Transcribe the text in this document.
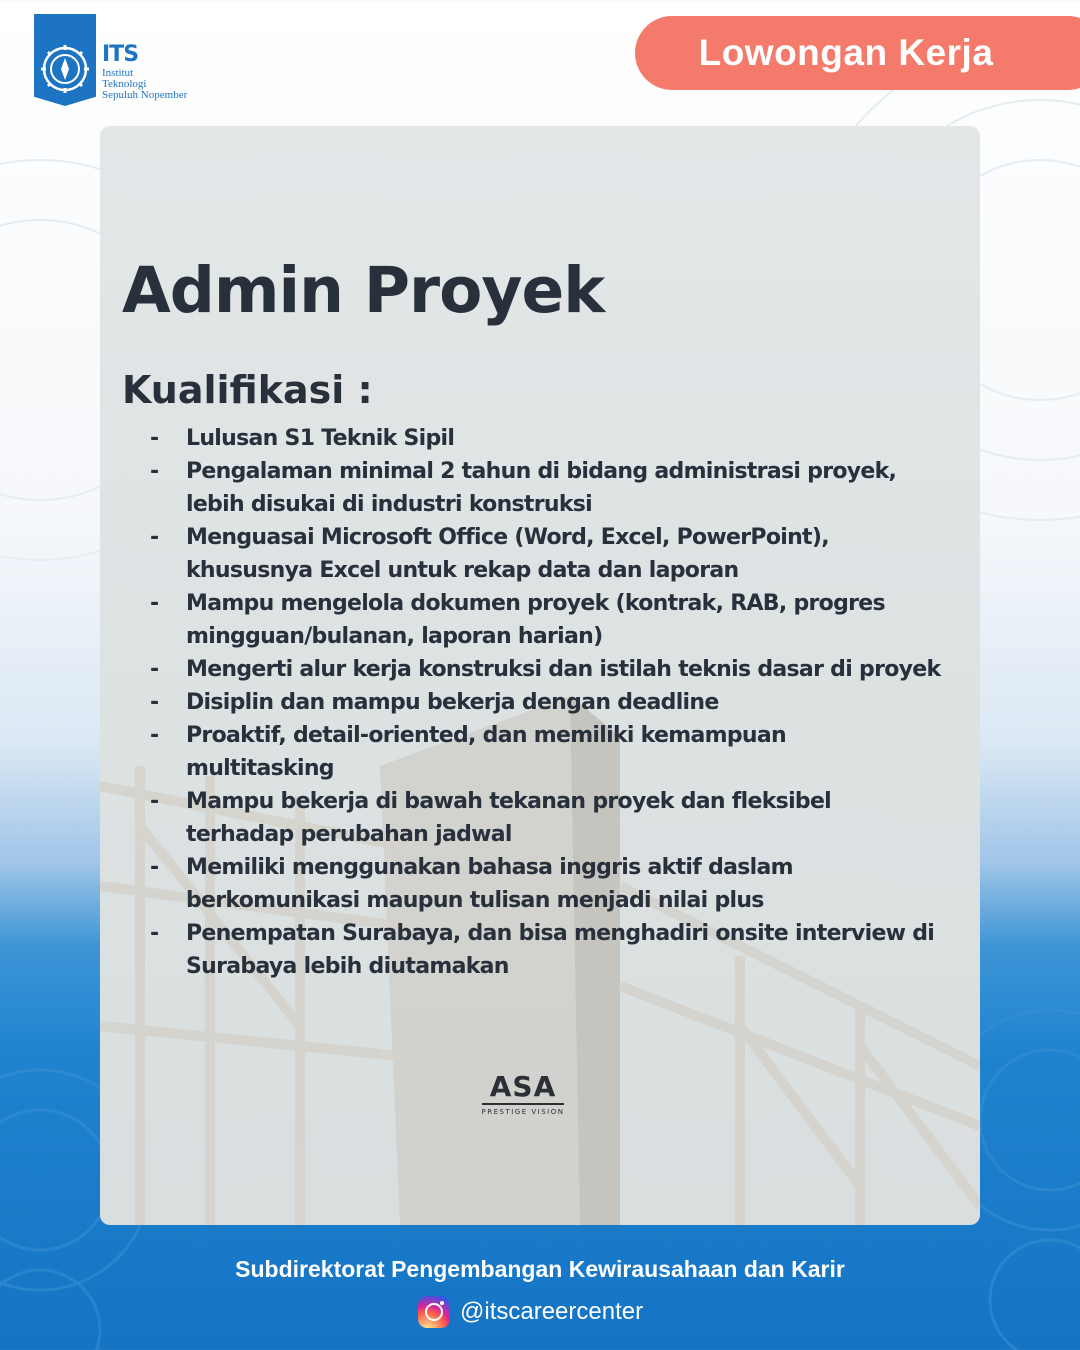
ITS
Institut
Teknologi
Sepuluh Nopember
Lowongan Kerja
Admin Proyek
Kualifikasi :
- Lulusan S1 Teknik Sipil
- Pengalaman minimal 2 tahun di bidang administrasi proyek,
lebih disukai di industri konstruksi
- Menguasai Microsoft Office (Word, Excel, PowerPoint),
khususnya Excel untuk rekap data dan laporan
- Mampu mengelola dokumen proyek (kontrak, RAB, progres
mingguan/bulanan, laporan harian)
- Mengerti alur kerja konstruksi dan istilah teknis dasar di proyek
- Disiplin dan mampu bekerja dengan deadline
- Proaktif, detail-oriented, dan memiliki kemampuan
multitasking
- Mampu bekerja di bawah tekanan proyek dan fleksibel
terhadap perubahan jadwal
- Memiliki menggunakan bahasa inggris aktif daslam
berkomunikasi maupun tulisan menjadi nilai plus
- Penempatan Surabaya, dan bisa menghadiri onsite interview di
Surabaya lebih diutamakan
ASA
PRESTIGE VISION
Subdirektorat Pengembangan Kewirausahaan dan Karir
@itscareercenter
